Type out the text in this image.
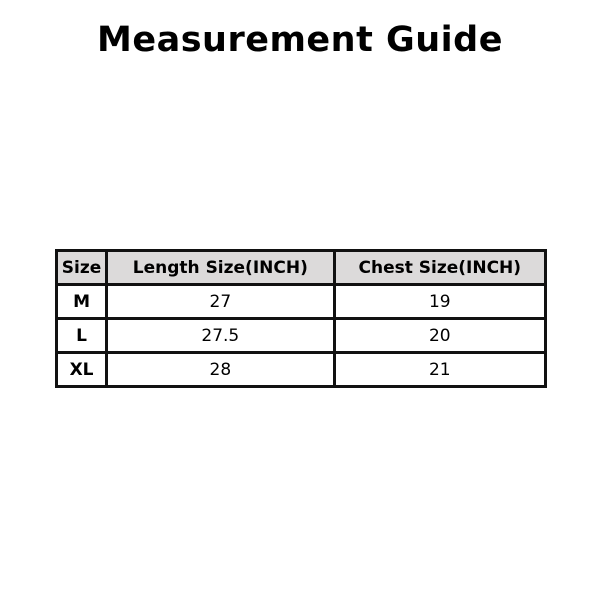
Measurement Guide
Size	Length Size(INCH)	Chest Size(INCH)
M	27	19
L	27.5	20
XL	28	21
